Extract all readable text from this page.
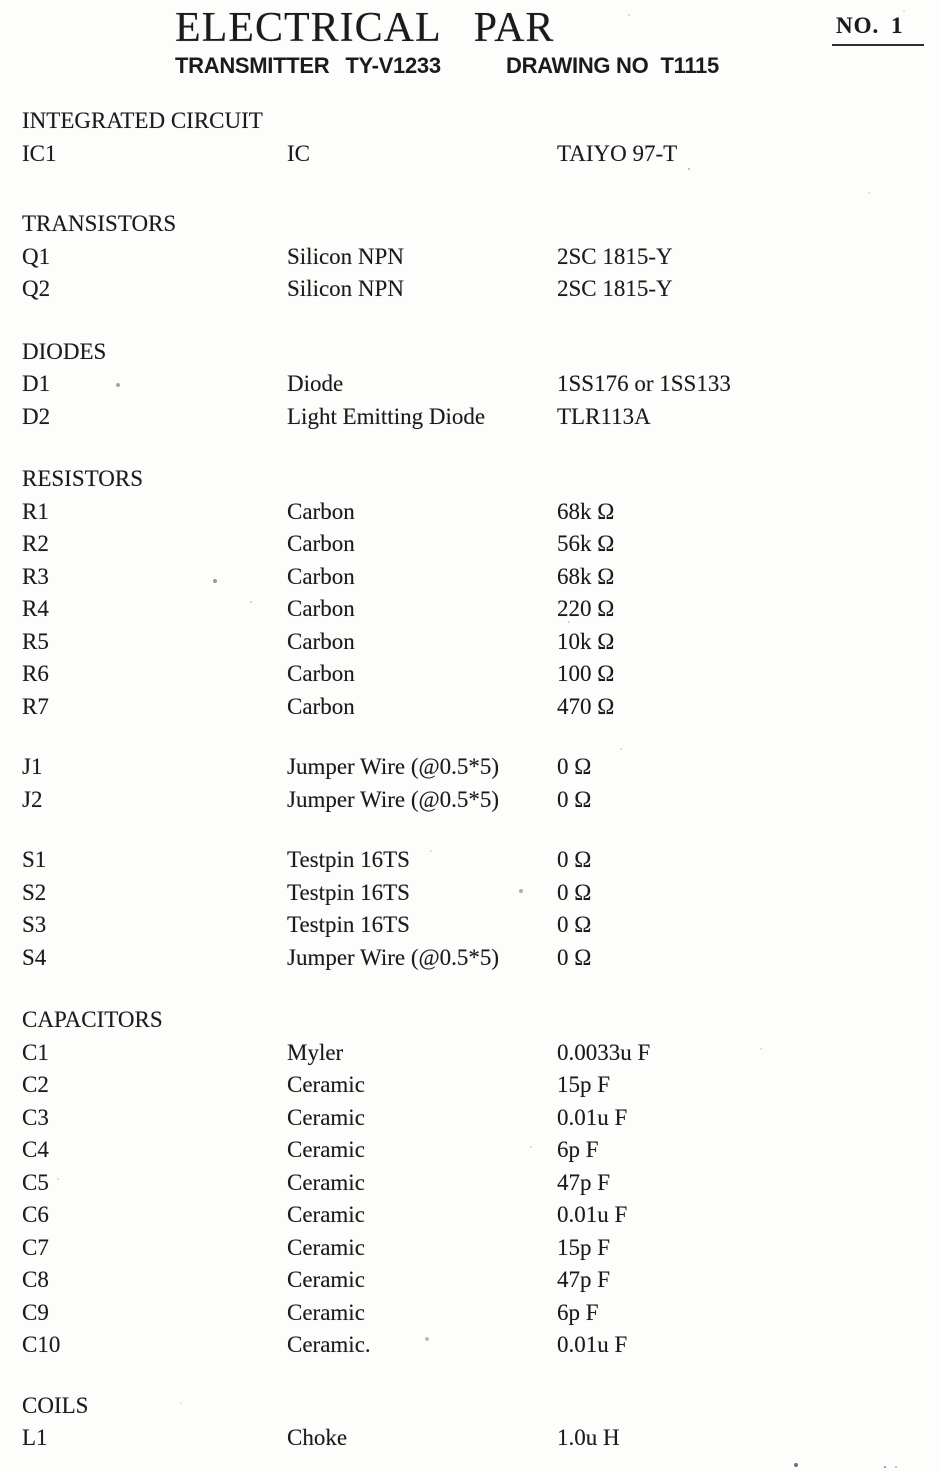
ELECTRICAL PAR
TRANSMITTER TY-V1233	DRAWING NO T1115
NO. 1
INTEGRATED CIRCUIT
IC1	IC	TAIYO 97-T
TRANSISTORS
Q1	Silicon NPN	2SC 1815-Y
Q2	Silicon NPN	2SC 1815-Y
DIODES
D1	Diode	1SS176 or 1SS133
D2	Light Emitting Diode	TLR113A
RESISTORS
R1	Carbon	68k Ω
R2	Carbon	56k Ω
R3	Carbon	68k Ω
R4	Carbon	220 Ω
R5	Carbon	10k Ω
R6	Carbon	100 Ω
R7	Carbon	470 Ω
J1	Jumper Wire (@0.5*5)	0 Ω
J2	Jumper Wire (@0.5*5)	0 Ω
S1	Testpin 16TS	0 Ω
S2	Testpin 16TS	0 Ω
S3	Testpin 16TS	0 Ω
S4	Jumper Wire (@0.5*5)	0 Ω
CAPACITORS
C1	Myler	0.0033u F
C2	Ceramic	15p F
C3	Ceramic	0.01u F
C4	Ceramic	6p F
C5	Ceramic	47p F
C6	Ceramic	0.01u F
C7	Ceramic	15p F
C8	Ceramic	47p F
C9	Ceramic	6p F
C10	Ceramic.	0.01u F
COILS
L1	Choke	1.0u H
